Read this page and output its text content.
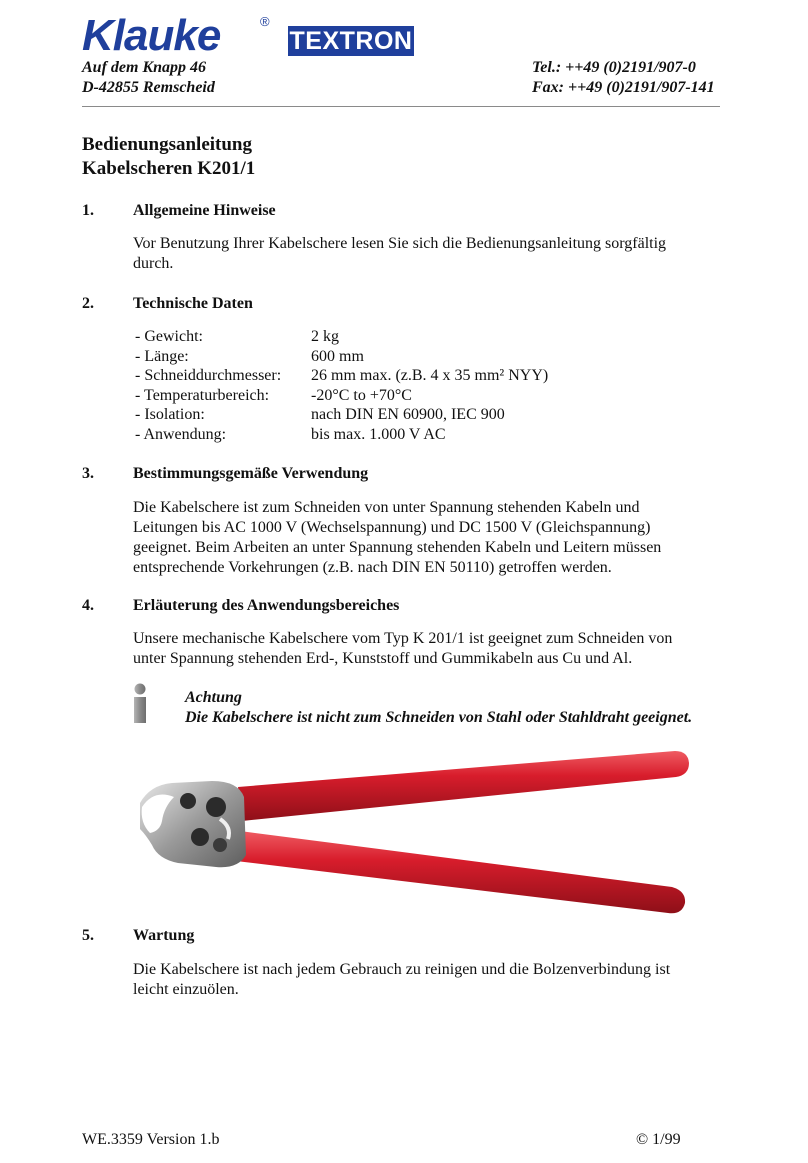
Klauke	®
TEXTRON
Auf dem Knapp 46
D-42855 Remscheid
Tel.: ++49 (0)2191/907-0
Fax: ++49 (0)2191/907-141
Bedienungsanleitung
Kabelscheren K201/1
1. Allgemeine Hinweise
Vor Benutzung Ihrer Kabelschere lesen Sie sich die Bedienungsanleitung sorgfältig
durch.
2. Technische Daten
- Gewicht:	2 kg
- Länge:	600 mm
- Schneiddurchmesser:	26 mm max. (z.B. 4 x 35 mm² NYY)
- Temperaturbereich:	-20°C to +70°C
- Isolation:	nach DIN EN 60900, IEC 900
- Anwendung:	bis max. 1.000 V AC
3. Bestimmungsgemäße Verwendung
Die Kabelschere ist zum Schneiden von unter Spannung stehenden Kabeln und
Leitungen bis AC 1000 V (Wechselspannung) und DC 1500 V (Gleichspannung)
geeignet. Beim Arbeiten an unter Spannung stehenden Kabeln und Leitern müssen
entsprechende Vorkehrungen (z.B. nach DIN EN 50110) getroffen werden.
4. Erläuterung des Anwendungsbereiches
Unsere mechanische Kabelschere vom Typ K 201/1 ist geeignet zum Schneiden von
unter Spannung stehenden Erd-, Kunststoff und Gummikabeln aus Cu und Al.
Achtung
Die Kabelschere ist nicht zum Schneiden von Stahl oder Stahldraht geeignet.
5. Wartung
Die Kabelschere ist nach jedem Gebrauch zu reinigen und die Bolzenverbindung ist
leicht einzuölen.
WE.3359 Version 1.b	© 1/99
